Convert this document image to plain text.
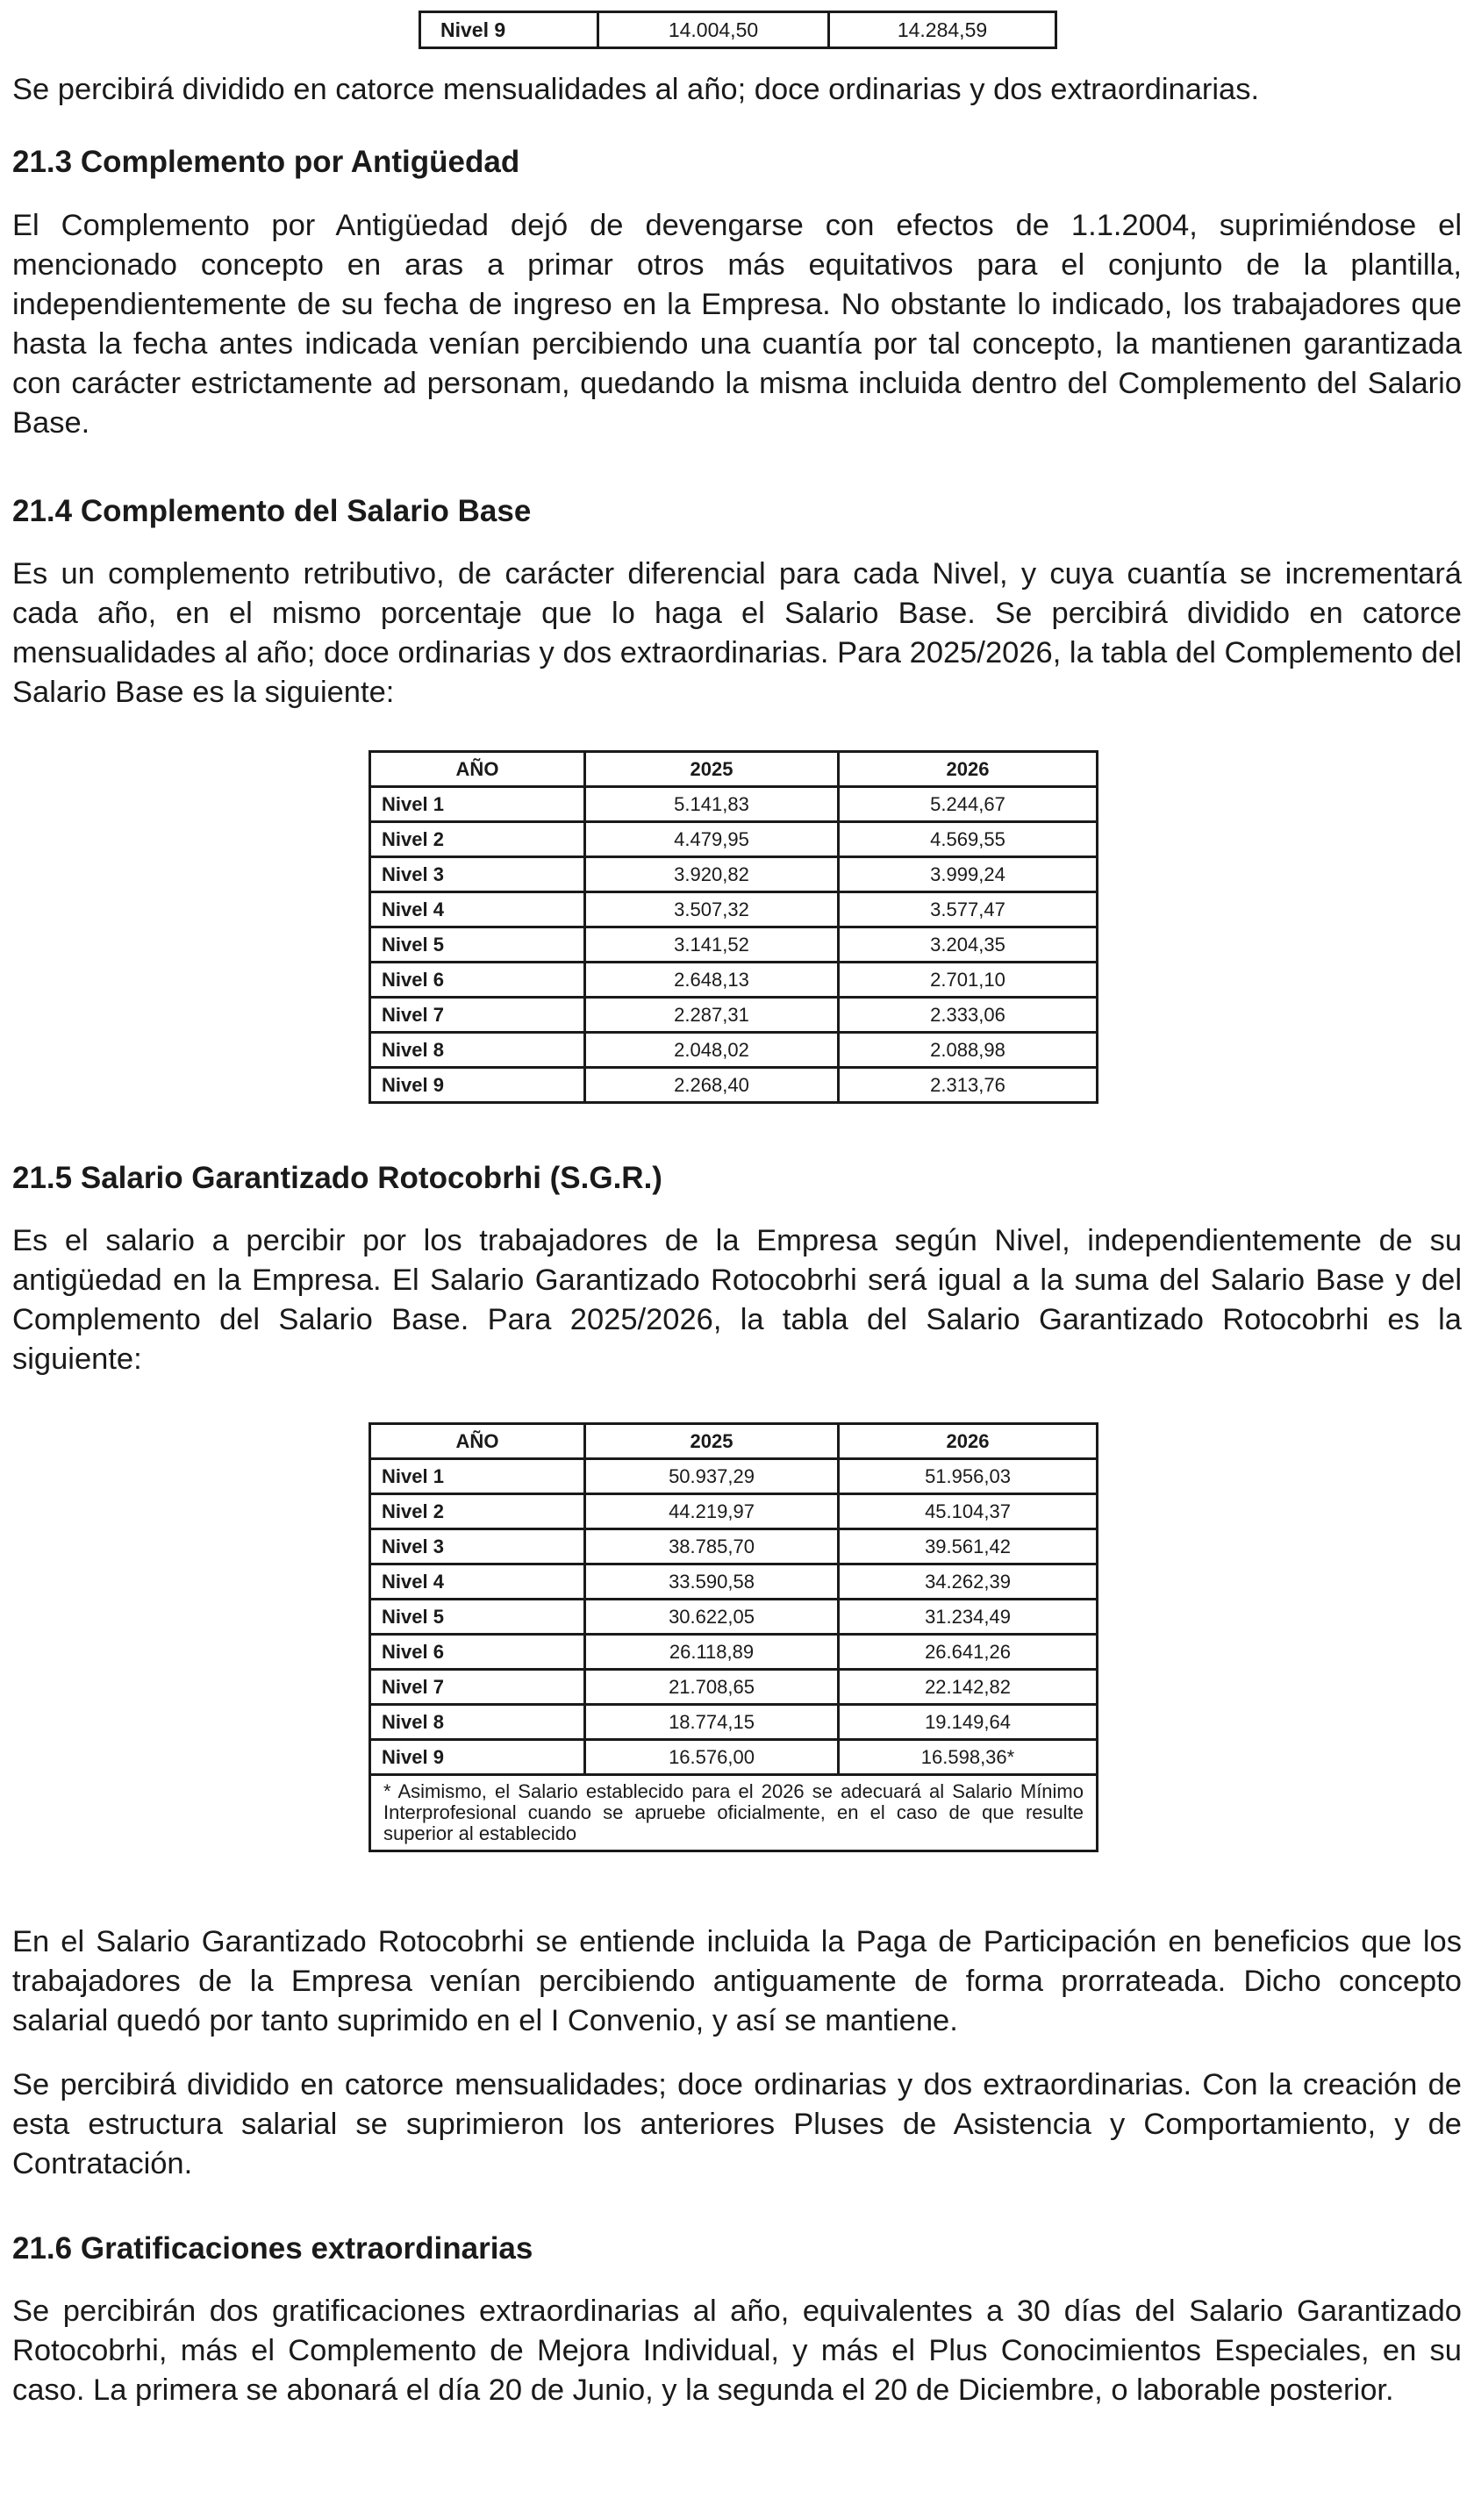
Nivel 9	14.004,50	14.284,59

Se percibirá dividido en catorce mensualidades al año; doce ordinarias y dos extraordinarias.

21.3 Complemento por Antigüedad

El Complemento por Antigüedad dejó de devengarse con efectos de 1.1.2004, suprimiéndose el mencionado concepto en aras a primar otros más equitativos para el conjunto de la plantilla, independientemente de su fecha de ingreso en la Empresa. No obstante lo indicado, los trabajadores que hasta la fecha antes indicada venían percibiendo una cuantía por tal concepto, la mantienen garantizada con carácter estrictamente ad personam, quedando la misma incluida dentro del Complemento del Salario Base.

21.4 Complemento del Salario Base

Es un complemento retributivo, de carácter diferencial para cada Nivel, y cuya cuantía se incrementará cada año, en el mismo porcentaje que lo haga el Salario Base. Se percibirá dividido en catorce mensualidades al año; doce ordinarias y dos extraordinarias. Para 2025/2026, la tabla del Complemento del Salario Base es la siguiente:

AÑO	2025	2026
Nivel 1	5.141,83	5.244,67
Nivel 2	4.479,95	4.569,55
Nivel 3	3.920,82	3.999,24
Nivel 4	3.507,32	3.577,47
Nivel 5	3.141,52	3.204,35
Nivel 6	2.648,13	2.701,10
Nivel 7	2.287,31	2.333,06
Nivel 8	2.048,02	2.088,98
Nivel 9	2.268,40	2.313,76
21.5 Salario Garantizado Rotocobrhi (S.G.R.)

Es el salario a percibir por los trabajadores de la Empresa según Nivel, independientemente de su antigüedad en la Empresa. El Salario Garantizado Rotocobrhi será igual a la suma del Salario Base y del Complemento del Salario Base. Para 2025/2026, la tabla del Salario Garantizado Rotocobrhi es la siguiente:

AÑO	2025	2026
Nivel 1	50.937,29	51.956,03
Nivel 2	44.219,97	45.104,37
Nivel 3	38.785,70	39.561,42
Nivel 4	33.590,58	34.262,39
Nivel 5	30.622,05	31.234,49
Nivel 6	26.118,89	26.641,26
Nivel 7	21.708,65	22.142,82
Nivel 8	18.774,15	19.149,64
Nivel 9	16.576,00	16.598,36*
* Asimismo, el Salario establecido para el 2026 se adecuará al Salario Mínimo Interprofesional cuando se apruebe oficialmente, en el caso de que resulte superior al establecido		

En el Salario Garantizado Rotocobrhi se entiende incluida la Paga de Participación en beneficios que los trabajadores de la Empresa venían percibiendo antiguamente de forma prorrateada. Dicho concepto salarial quedó por tanto suprimido en el I Convenio, y así se mantiene.

Se percibirá dividido en catorce mensualidades; doce ordinarias y dos extraordinarias. Con la creación de esta estructura salarial se suprimieron los anteriores Pluses de Asistencia y Comportamiento, y de Contratación.

21.6 Gratificaciones extraordinarias

Se percibirán dos gratificaciones extraordinarias al año, equivalentes a 30 días del Salario Garantizado Rotocobrhi, más el Complemento de Mejora Individual, y más el Plus Conocimientos Especiales, en su caso. La primera se abonará el día 20 de Junio, y la segunda el 20 de Diciembre, o laborable posterior.
